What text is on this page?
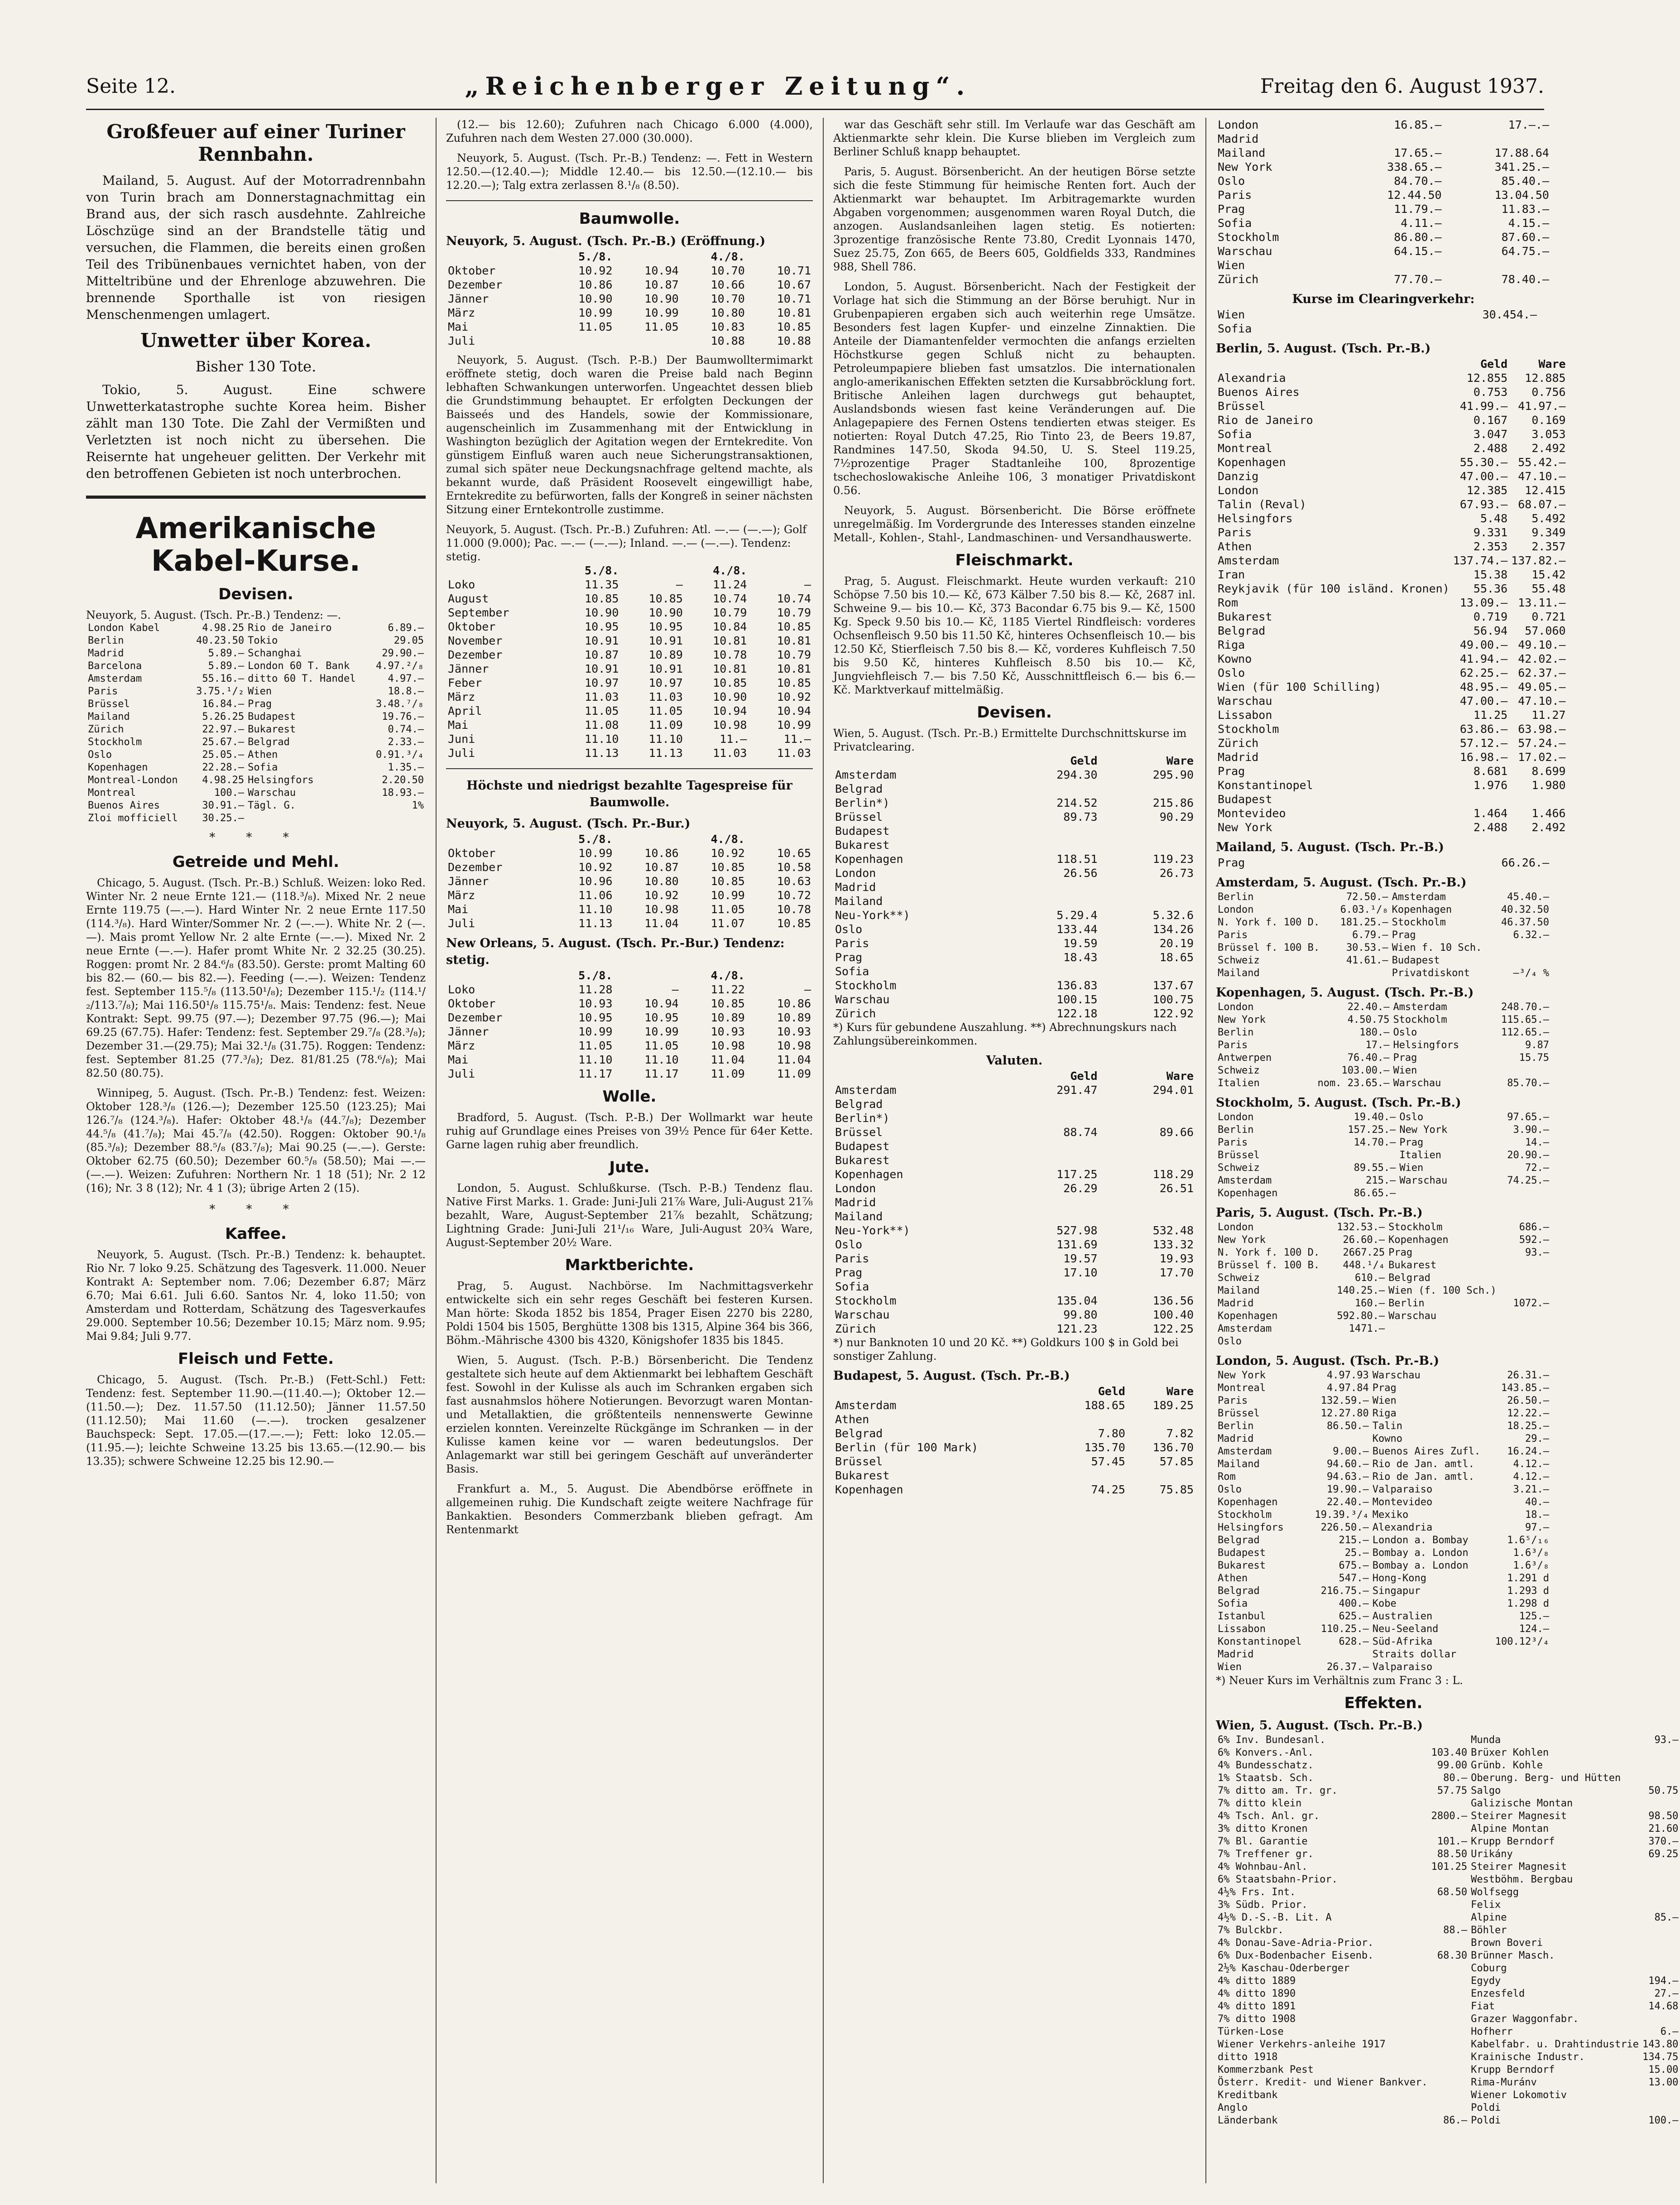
Seite 12.	„Reichenberger Zeitung“.	Freitag den 6. August 1937.
Großfeuer auf einer Turiner Rennbahn.

Mailand, 5. August. Auf der Motorradrennbahn von Turin brach am Donnerstagnachmittag ein Brand aus, der sich rasch ausdehnte. Zahlreiche Löschzüge sind an der Brandstelle tätig und versuchen, die Flammen, die bereits einen großen Teil des Tribünenbaues vernichtet haben, von der Mitteltribüne und der Ehrenloge abzuwehren. Die brennende Sporthalle ist von riesigen Menschenmengen umlagert.

Unwetter über Korea.
Bisher 130 Tote.

Tokio, 5. August. Eine schwere Unwetterkatastrophe suchte Korea heim. Bisher zählt man 130 Tote. Die Zahl der Vermißten und Verletzten ist noch nicht zu übersehen. Die Reisernte hat ungeheuer gelitten. Der Verkehr mit den betroffenen Gebieten ist noch unterbrochen.

Amerikanische Kabel-Kurse.
Devisen.
Neuyork, 5. August. (Tsch. Pr.-B.) Tendenz: —.
London Kabel	4.98.25	Rio de Janeiro	6.89.—
Berlin	40.23.50	Tokio	29.05
Madrid	5.89.—	Schanghai	29.90.—
Barcelona	5.89.—	London 60 T. Bank	4.97.²/₈
Amsterdam	55.16.—	ditto 60 T. Handel	4.97.—
Paris	3.75.¹/₂	Wien	18.8.—
Brüssel	16.84.—	Prag	3.48.⁷/₈
Mailand	5.26.25	Budapest	19.76.—
Zürich	22.97.—	Bukarest	0.74.—
Stockholm	25.67.—	Belgrad	2.33.—
Oslo	25.05.—	Athen	0.91.³/₄
Kopenhagen	22.28.—	Sofia	1.35.—
Montreal-London	4.98.25	Helsingfors	2.20.50
Montreal	100.—	Warschau	18.93.—
Buenos Aires	30.91.—	Tägl. G.	1%
Zloi mofficiell	30.25.—		
* * *
Getreide und Mehl.

Chicago, 5. August. (Tsch. Pr.-B.) Schluß. Weizen: loko Red. Winter Nr. 2 neue Ernte 121.— (118.³/₈). Mixed Nr. 2 neue Ernte 119.75 (—.—). Hard Winter Nr. 2 neue Ernte 117.50 (114.³/₈). Hard Winter/Sommer Nr. 2 (—.—). White Nr. 2 (—.—). Mais promt Yellow Nr. 2 alte Ernte (—.—). Mixed Nr. 2 neue Ernte (—.—). Hafer promt White Nr. 2 32.25 (30.25). Roggen: promt Nr. 2 84.⁶/₈ (83.50). Gerste: promt Malting 60 bis 82.— (60.— bis 82.—). Feeding (—.—). Weizen: Tendenz fest. September 115.⁵/₈ (113.50¹/₈); Dezember 115.¹/₂ (114.¹/₂/113.⁷/₈); Mai 116.50¹/₈ 115.75¹/₈. Mais: Tendenz: fest. Neue Kontrakt: Sept. 99.75 (97.—); Dezember 97.75 (96.—); Mai 69.25 (67.75). Hafer: Tendenz: fest. September 29.⁷/₈ (28.³/₈); Dezember 31.—(29.75); Mai 32.¹/₈ (31.75). Roggen: Tendenz: fest. September 81.25 (77.³/₈); Dez. 81/81.25 (78.⁶/₈); Mai 82.50 (80.75).

Winnipeg, 5. August. (Tsch. Pr.-B.) Tendenz: fest. Weizen: Oktober 128.³/₈ (126.—); Dezember 125.50 (123.25); Mai 126.⁷/₈ (124.³/₈). Hafer: Oktober 48.¹/₈ (44.⁷/₈); Dezember 44.⁵/₈ (41.⁷/₈); Mai 45.⁷/₈ (42.50). Roggen: Oktober 90.¹/₈ (85.³/₈); Dezember 88.⁵/₈ (83.⁷/₈); Mai 90.25 (—.—). Gerste: Oktober 62.75 (60.50); Dezember 60.⁵/₈ (58.50); Mai —.— (—.—). Weizen: Zufuhren: Northern Nr. 1 18 (51); Nr. 2 12 (16); Nr. 3 8 (12); Nr. 4 1 (3); übrige Arten 2 (15).

* * *
Kaffee.

Neuyork, 5. August. (Tsch. Pr.-B.) Tendenz: k. behauptet. Rio Nr. 7 loko 9.25. Schätzung des Tagesverk. 11.000. Neuer Kontrakt A: September nom. 7.06; Dezember 6.87; März 6.70; Mai 6.61. Juli 6.60. Santos Nr. 4, loko 11.50; von Amsterdam und Rotterdam, Schätzung des Tagesverkaufes 29.000. September 10.56; Dezember 10.15; März nom. 9.95; Mai 9.84; Juli 9.77.

Fleisch und Fette.

Chicago, 5. August. (Tsch. Pr.-B.) (Fett-Schl.) Fett: Tendenz: fest. September 11.90.—(11.40.—); Oktober 12.—(11.50.—); Dez. 11.57.50 (11.12.50); Jänner 11.57.50 (11.12.50); Mai 11.60 (—.—). trocken gesalzener Bauchspeck: Sept. 17.05.—(17.—.—); Fett: loko 12.05.—(11.95.—); leichte Schweine 13.25 bis 13.65.—(12.90.— bis 13.35); schwere Schweine 12.25 bis 12.90.—

(12.— bis 12.60); Zufuhren nach Chicago 6.000 (4.000), Zufuhren nach dem Westen 27.000 (30.000).

Neuyork, 5. August. (Tsch. Pr.-B.) Tendenz: —. Fett in Western 12.50.—(12.40.—); Middle 12.40.— bis 12.50.—(12.10.— bis 12.20.—); Talg extra zerlassen 8.¹/₈ (8.50).

Baumwolle.
Neuyork, 5. August. (Tsch. Pr.-B.) (Eröffnung.)
	5./8.		4./8.	
Oktober	10.92	10.94	10.70	10.71
Dezember	10.86	10.87	10.66	10.67
Jänner	10.90	10.90	10.70	10.71
März	10.99	10.99	10.80	10.81
Mai	11.05	11.05	10.83	10.85
Juli			10.88	10.88

Neuyork, 5. August. (Tsch. P.-B.) Der Baumwolltermimarkt eröffnete stetig, doch waren die Preise bald nach Beginn lebhaften Schwankungen unterworfen. Ungeachtet dessen blieb die Grundstimmung behauptet. Er erfolgten Deckungen der Baisseés und des Handels, sowie der Kommissionare, augenscheinlich im Zusammenhang mit der Entwicklung in Washington bezüglich der Agitation wegen der Erntekredite. Von günstigem Einfluß waren auch neue Sicherungstransaktionen, zumal sich später neue Deckungsnachfrage geltend machte, als bekannt wurde, daß Präsident Roosevelt eingewilligt habe, Erntekredite zu befürworten, falls der Kongreß in seiner nächsten Sitzung einer Erntekontrolle zustimme.

Neuyork, 5. August. (Tsch. Pr.-B.) Zufuhren: Atl. —.— (—.—); Golf 11.000 (9.000); Pac. —.— (—.—); Inland. —.— (—.—). Tendenz: stetig.
	5./8.		4./8.	
Loko	11.35	—	11.24	—
August	10.85	10.85	10.74	10.74
September	10.90	10.90	10.79	10.79
Oktober	10.95	10.95	10.84	10.85
November	10.91	10.91	10.81	10.81
Dezember	10.87	10.89	10.78	10.79
Jänner	10.91	10.91	10.81	10.81
Feber	10.97	10.97	10.85	10.85
März	11.03	11.03	10.90	10.92
April	11.05	11.05	10.94	10.94
Mai	11.08	11.09	10.98	10.99
Juni	11.10	11.10	11.—	11.—
Juli	11.13	11.13	11.03	11.03
Höchste und niedrigst bezahlte Tagespreise für Baumwolle.
Neuyork, 5. August. (Tsch. Pr.-Bur.)
	5./8.		4./8.	
Oktober	10.99	10.86	10.92	10.65
Dezember	10.92	10.87	10.85	10.58
Jänner	10.96	10.80	10.85	10.63
März	11.06	10.92	10.99	10.72
Mai	11.10	10.98	11.05	10.78
Juli	11.13	11.04	11.07	10.85
New Orleans, 5. August. (Tsch. Pr.-Bur.) Tendenz: stetig.
	5./8.		4./8.	
Loko	11.28	—	11.22	—
Oktober	10.93	10.94	10.85	10.86
Dezember	10.95	10.95	10.89	10.89
Jänner	10.99	10.99	10.93	10.93
März	11.05	11.05	10.98	10.98
Mai	11.10	11.10	11.04	11.04
Juli	11.17	11.17	11.09	11.09
Wolle.

Bradford, 5. August. (Tsch. P.-B.) Der Wollmarkt war heute ruhig auf Grundlage eines Preises von 39½ Pence für 64er Kette. Garne lagen ruhig aber freundlich.

Jute.

London, 5. August. Schlußkurse. (Tsch. P.-B.) Tendenz flau. Native First Marks. 1. Grade: Juni-Juli 21⅞ Ware, Juli-August 21⅞ bezahlt, Ware, August-September 21⅞ bezahlt, Schätzung; Lightning Grade: Juni-Juli 21¹/₁₆ Ware, Juli-August 20¾ Ware, August-September 20½ Ware.

Marktberichte.

Prag, 5. August. Nachbörse. Im Nachmittagsverkehr entwickelte sich ein sehr reges Geschäft bei festeren Kursen. Man hörte: Skoda 1852 bis 1854, Prager Eisen 2270 bis 2280, Poldi 1504 bis 1505, Berghütte 1308 bis 1315, Alpine 364 bis 366, Böhm.-Mährische 4300 bis 4320, Königshofer 1835 bis 1845.

Wien, 5. August. (Tsch. P.-B.) Börsenbericht. Die Tendenz gestaltete sich heute auf dem Aktienmarkt bei lebhaftem Geschäft fest. Sowohl in der Kulisse als auch im Schranken ergaben sich fast ausnahmslos höhere Notierungen. Bevorzugt waren Montan- und Metallaktien, die größtenteils nennenswerte Gewinne erzielen konnten. Vereinzelte Rückgänge im Schranken — in der Kulisse kamen keine vor — waren bedeutungslos. Der Anlagemarkt war still bei geringem Geschäft auf unveränderter Basis.

Frankfurt a. M., 5. August. Die Abendbörse eröffnete in allgemeinen ruhig. Die Kundschaft zeigte weitere Nachfrage für Bankaktien. Besonders Commerzbank blieben gefragt. Am Rentenmarkt

war das Geschäft sehr still. Im Verlaufe war das Geschäft am Aktienmarkte sehr klein. Die Kurse blieben im Vergleich zum Berliner Schluß knapp behauptet.

Paris, 5. August. Börsenbericht. An der heutigen Börse setzte sich die feste Stimmung für heimische Renten fort. Auch der Aktienmarkt war behauptet. Im Arbitragemarkte wurden Abgaben vorgenommen; ausgenommen waren Royal Dutch, die anzogen. Auslandsanleihen lagen stetig. Es notierten: 3prozentige französische Rente 73.80, Credit Lyonnais 1470, Suez 25.75, Zon 665, de Beers 605, Goldfields 333, Randmines 988, Shell 786.

London, 5. August. Börsenbericht. Nach der Festigkeit der Vorlage hat sich die Stimmung an der Börse beruhigt. Nur in Grubenpapieren ergaben sich auch weiterhin rege Umsätze. Besonders fest lagen Kupfer- und einzelne Zinnaktien. Die Anteile der Diamantenfelder vermochten die anfangs erzielten Höchstkurse gegen Schluß nicht zu behaupten. Petroleumpapiere blieben fast umsatzlos. Die internationalen anglo-amerikanischen Effekten setzten die Kursabbröcklung fort. Britische Anleihen lagen durchwegs gut behauptet, Auslandsbonds wiesen fast keine Veränderungen auf. Die Anlagepapiere des Fernen Ostens tendierten etwas steiger. Es notierten: Royal Dutch 47.25, Rio Tinto 23, de Beers 19.87, Randmines 147.50, Skoda 94.50, U. S. Steel 119.25, 7½prozentige Prager Stadtanleihe 100, 8prozentige tschechoslowakische Anleihe 106, 3 monatiger Privatdiskont 0.56.

Neuyork, 5. August. Börsenbericht. Die Börse eröffnete unregelmäßig. Im Vordergrunde des Interesses standen einzelne Metall-, Kohlen-, Stahl-, Landmaschinen- und Versandhauswerte.

Fleischmarkt.

Prag, 5. August. Fleischmarkt. Heute wurden verkauft: 210 Schöpse 7.50 bis 10.— Kč, 673 Kälber 7.50 bis 8.— Kč, 2687 inl. Schweine 9.— bis 10.— Kč, 373 Bacondar 6.75 bis 9.— Kč, 1500 Kg. Speck 9.50 bis 10.— Kč, 1185 Viertel Rindfleisch: vorderes Ochsenfleisch 9.50 bis 11.50 Kč, hinteres Ochsenfleisch 10.— bis 12.50 Kč, Stierfleisch 7.50 bis 8.— Kč, vorderes Kuhfleisch 7.50 bis 9.50 Kč, hinteres Kuhfleisch 8.50 bis 10.— Kč, Jungviehfleisch 7.— bis 7.50 Kč, Ausschnittfleisch 6.— bis 6.— Kč. Marktverkauf mittelmäßig.

Devisen.
Wien, 5. August. (Tsch. Pr.-B.) Ermittelte Durchschnittskurse im Privatclearing.
	Geld	Ware
Amsterdam	294.30	295.90
Belgrad		
Berlin*)	214.52	215.86
Brüssel	89.73	90.29
Budapest		
Bukarest		
Kopenhagen	118.51	119.23
London	26.56	26.73
Madrid		
Mailand		
Neu-York**)	5.29.4	5.32.6
Oslo	133.44	134.26
Paris	19.59	20.19
Prag	18.43	18.65
Sofia		
Stockholm	136.83	137.67
Warschau	100.15	100.75
Zürich	122.18	122.92
*) Kurs für gebundene Auszahlung. **) Abrechnungskurs nach Zahlungsübereinkommen.
Valuten.
	Geld	Ware
Amsterdam	291.47	294.01
Belgrad		
Berlin*)		
Brüssel	88.74	89.66
Budapest		
Bukarest		
Kopenhagen	117.25	118.29
London	26.29	26.51
Madrid		
Mailand		
Neu-York**)	527.98	532.48
Oslo	131.69	133.32
Paris	19.57	19.93
Prag	17.10	17.70
Sofia		
Stockholm	135.04	136.56
Warschau	99.80	100.40
Zürich	121.23	122.25
*) nur Banknoten 10 und 20 Kč. **) Goldkurs 100 $ in Gold bei sonstiger Zahlung.
Budapest, 5. August. (Tsch. Pr.-B.)
	Geld	Ware
Amsterdam	188.65	189.25
Athen		
Belgrad	7.80	7.82
Berlin (für 100 Mark)	135.70	136.70
Brüssel	57.45	57.85
Bukarest		
Kopenhagen	74.25	75.85
London	16.85.—	17.—.—
Madrid		
Mailand	17.65.—	17.88.64
New York	338.65.—	341.25.—
Oslo	84.70.—	85.40.—
Paris	12.44.50	13.04.50
Prag	11.79.—	11.83.—
Sofia	4.11.—	4.15.—
Stockholm	86.80.—	87.60.—
Warschau	64.15.—	64.75.—
Wien		
Zürich	77.70.—	78.40.—
Kurse im Clearingverkehr:
Wien	30.454.—	
Sofia		
Berlin, 5. August. (Tsch. Pr.-B.)
	Geld	Ware
Alexandria	12.855	12.885
Buenos Aires	0.753	0.756
Brüssel	41.99.—	41.97.—
Rio de Janeiro	0.167	0.169
Sofia	3.047	3.053
Montreal	2.488	2.492
Kopenhagen	55.30.—	55.42.—
Danzig	47.00.—	47.10.—
London	12.385	12.415
Talin (Reval)	67.93.—	68.07.—
Helsingfors	5.48	5.492
Paris	9.331	9.349
Athen	2.353	2.357
Amsterdam	137.74.—	137.82.—
Iran	15.38	15.42
Reykjavik (für 100 isländ. Kronen)	55.36	55.48
Rom	13.09.—	13.11.—
Bukarest	0.719	0.721
Belgrad	56.94	57.060
Riga	49.00.—	49.10.—
Kowno	41.94.—	42.02.—
Oslo	62.25.—	62.37.—
Wien (für 100 Schilling)	48.95.—	49.05.—
Warschau	47.00.—	47.10.—
Lissabon	11.25	11.27
Stockholm	63.86.—	63.98.—
Zürich	57.12.—	57.24.—
Madrid	16.98.—	17.02.—
Prag	8.681	8.699
Konstantinopel	1.976	1.980
Budapest		
Montevideo	1.464	1.466
New York	2.488	2.492
Mailand, 5. August. (Tsch. Pr.-B.)
Prag	66.26.—
Amsterdam, 5. August. (Tsch. Pr.-B.)
Berlin	72.50.—	Amsterdam	45.40.—
London	6.03.¹/₈	Kopenhagen	40.32.50
N. York f. 100 D.	181.25.—	Stockholm	46.37.50
Paris	6.79.—	Prag	6.32.—
Brüssel f. 100 B.	30.53.—	Wien f. 10 Sch.	
Schweiz	41.61.—	Budapest	
Mailand		Privatdiskont	—³/₄ %
Kopenhagen, 5. August. (Tsch. Pr.-B.)
London	22.40.—	Amsterdam	248.70.—
New York	4.50.75	Stockholm	115.65.—
Berlin	180.—	Oslo	112.65.—
Paris	17.—	Helsingfors	9.87
Antwerpen	76.40.—	Prag	15.75
Schweiz	103.00.—	Wien	
Italien	nom. 23.65.—	Warschau	85.70.—
Stockholm, 5. August. (Tsch. Pr.-B.)
London	19.40.—	Oslo	97.65.—
Berlin	157.25.—	New York	3.90.—
Paris	14.70.—	Prag	14.—
Brüssel		Italien	20.90.—
Schweiz	89.55.—	Wien	72.—
Amsterdam	215.—	Warschau	74.25.—
Kopenhagen	86.65.—		
Paris, 5. August. (Tsch. Pr.-B.)
London	132.53.—	Stockholm	686.—
New York	26.60.—	Kopenhagen	592.—
N. York f. 100 D.	2667.25	Prag	93.—
Brüssel f. 100 B.	448.¹/₄	Bukarest	
Schweiz	610.—	Belgrad	
Mailand	140.25.—	Wien (f. 100 Sch.)	
Madrid	160.—	Berlin	1072.—
Kopenhagen	592.80.—	Warschau	
Amsterdam	1471.—		
Oslo			
London, 5. August. (Tsch. Pr.-B.)
New York	4.97.93	Warschau	26.31.—
Montreal	4.97.84	Prag	143.85.—
Paris	132.59.—	Wien	26.50.—
Brüssel	12.27.80	Riga	12.22.—
Berlin	86.50.—	Talin	18.25.—
Madrid		Kowno	29.—
Amsterdam	9.00.—	Buenos Aires Zufl.	16.24.—
Mailand	94.60.—	Rio de Jan. amtl.	4.12.—
Rom	94.63.—	Rio de Jan. amtl.	4.12.—
Oslo	19.90.—	Valparaiso	3.21.—
Kopenhagen	22.40.—	Montevideo	40.—
Stockholm	19.39.³/₄	Mexiko	18.—
Helsingfors	226.50.—	Alexandria	97.—
Belgrad	215.—	London a. Bombay	1.6⁵/₁₆
Budapest	25.—	Bombay a. London	1.6³/₈
Bukarest	675.—	Bombay a. London	1.6³/₈
Athen	547.—	Hong-Kong	1.291 d
Belgrad	216.75.—	Singapur	1.293 d
Sofia	400.—	Kobe	1.298 d
Istanbul	625.—	Australien	125.—
Lissabon	110.25.—	Neu-Seeland	124.—
Konstantinopel	628.—	Süd-Afrika	100.12³/₄
Madrid		Straits dollar	
Wien	26.37.—	Valparaiso	
*) Neuer Kurs im Verhältnis zum Franc 3 : L.
Effekten.
Wien, 5. August. (Tsch. Pr.-B.)
6% Inv. Bundesanl.		Munda	93.—
6% Konvers.-Anl.	103.40	Brüxer Kohlen	
4% Bundesschatz.	99.00	Grünb. Kohle	
1% Staatsb. Sch.	80.—	Oberung. Berg- und Hütten	
7% ditto am. Tr. gr.	57.75	Salgo	50.75
7% ditto klein		Galizische Montan	
4% Tsch. Anl. gr.	2800.—	Steirer Magnesit	98.50
3% ditto Kronen		Alpine Montan	21.60
7% Bl. Garantie	101.—	Krupp Berndorf	370.—
7% Treffener gr.	88.50	Urikány	69.25
4% Wohnbau-Anl.	101.25	Steirer Magnesit	
6% Staatsbahn-Prior.		Westböhm. Bergbau	
4½% Frs. Int.	68.50	Wolfsegg	
3% Südb. Prior.		Felix	
4½% D.-S.-B. Lit. A		Alpine	85.—
7% Bulckbr.	88.—	Böhler	
4% Donau-Save-Adria-Prior.		Brown Boveri	
6% Dux-Bodenbacher Eisenb.	68.30	Brünner Masch.	
2½% Kaschau-Oderberger		Coburg	
4% ditto 1889		Egydy	194.—
4% ditto 1890		Enzesfeld	27.—
4% ditto 1891		Fiat	14.68
7% ditto 1908		Grazer Waggonfabr.	
Türken-Lose		Hofherr	6.—
Wiener Verkehrs-anleihe 1917		Kabelfabr. u. Drahtindustrie	143.80
ditto 1918		Krainische Industr.	134.75
Kommerzbank Pest		Krupp Berndorf	15.00
Österr. Kredit- und Wiener Bankver.		Rima-Muránv	13.00
Kreditbank		Wiener Lokomotiv	
Anglo		Poldi	
Länderbank	86.—	Poldi	100.—
